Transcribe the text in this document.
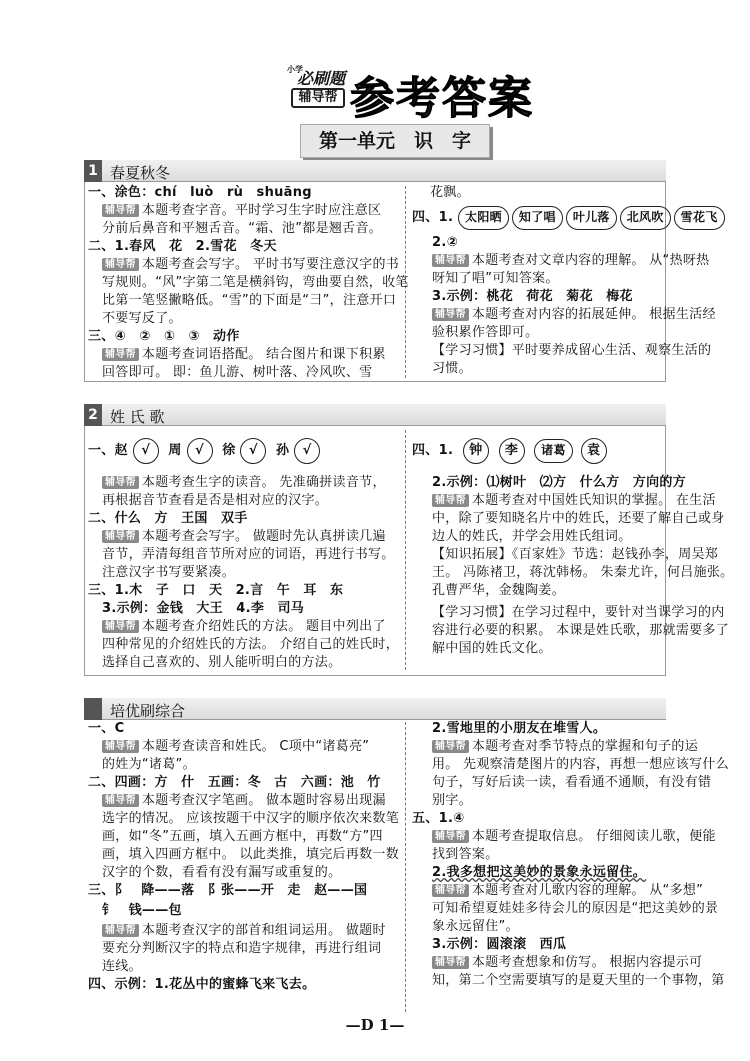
小学
必刷题
辅导帮 参考答案
第一单元　识　字
1 春夏秋冬
一、涂色：chí　luò　rù　shuāng
辅导帮 本题考查字音。平时学习生字时应注意区
分前后鼻音和平翘舌音。“霜、池”都是翘舌音。
二、1.春风　花　2.雪花　冬天
辅导帮 本题考查会写字。 平时书写要注意汉字的书
写规则。“风”字第二笔是横斜钩，弯曲要自然，收笔
比第一笔竖撇略低。“雪”的下面是“彐”，注意开口
不要写反了。
三、④　②　①　③　动作
辅导帮 本题考查词语搭配。 结合图片和课下积累
回答即可。 即：鱼儿游、树叶落、冷风吹、雪
花飘。
四、1. 太阳晒 知了唱 叶儿落 北风吹 雪花飞
2.②
辅导帮 本题考查对文章内容的理解。 从“热呀热
呀知了唱”可知答案。
3.示例：桃花　荷花　菊花　梅花
辅导帮 本题考查对内容的拓展延伸。 根据生活经
验积累作答即可。
【学习习惯】平时要养成留心生活、观察生活的
习惯。
2 姓 氏 歌
一、赵 √ 周 √ 徐 √ 孙 √
辅导帮 本题考查生字的读音。 先准确拼读音节，
再根据音节查看是否是相对应的汉字。
二、什么　方　王国　双手
辅导帮 本题考查会写字。 做题时先认真拼读几遍
音节，弄清每组音节所对应的词语，再进行书写。
注意汉字书写要紧凑。
三、1.木　子　口　天　2.言　午　耳　东
3.示例：金钱　大王　4.李　司马
辅导帮 本题考查介绍姓氏的方法。 题目中列出了
四种常见的介绍姓氏的方法。 介绍自己的姓氏时，
选择自己喜欢的、别人能听明白的方法。
四、1. 钟 李 诸葛 袁
2.示例：⑴树叶　⑵方　什么方　方向的方
辅导帮 本题考查对中国姓氏知识的掌握。 在生活
中，除了要知晓名片中的姓氏，还要了解自己或身
边人的姓氏，并学会用姓氏组词。
【知识拓展】《百家姓》节选：赵钱孙李，周吴郑
王。 冯陈褚卫，蒋沈韩杨。 朱秦尤许，何吕施张。
孔曹严华，金魏陶姜。
【学习习惯】在学习过程中，要针对当课学习的内
容进行必要的积累。 本课是姓氏歌，那就需要多了
解中国的姓氏文化。
培优刷综合
一、C
辅导帮 本题考查读音和姓氏。 C项中“诸葛亮”
的姓为“诸葛”。
二、四画：方　什　五画：冬　古　六画：池　竹
辅导帮 本题考查汉字笔画。 做本题时容易出现漏
选字的情况。 应该按题干中汉字的顺序依次来数笔
画，如“冬”五画，填入五画方框中，再数“方”四
画，填入四画方框中。 以此类推，填完后再数一数
汉字的个数，看看有没有漏写或重复的。
三、阝　降——落　阝张——开　走　赵——国
钅　钱——包
辅导帮 本题考查汉字的部首和组词运用。 做题时
要充分判断汉字的特点和造字规律，再进行组词
连线。
四、示例：1.花丛中的蜜蜂飞来飞去。
2.雪地里的小朋友在堆雪人。
辅导帮 本题考查对季节特点的掌握和句子的运
用。 先观察清楚图片的内容，再想一想应该写什么
句子，写好后读一读，看看通不通顺，有没有错
别字。
五、1.④
辅导帮 本题考查提取信息。 仔细阅读儿歌，便能
找到答案。
2.我多想把这美妙的景象永远留住。
辅导帮 本题考查对儿歌内容的理解。 从“多想”
可知希望夏娃娃多待会儿的原因是“把这美妙的景
象永远留住”。
3.示例：圆滚滚　西瓜
辅导帮 本题考查想象和仿写。 根据内容提示可
知，第二个空需要填写的是夏天里的一个事物，第
—D 1—
